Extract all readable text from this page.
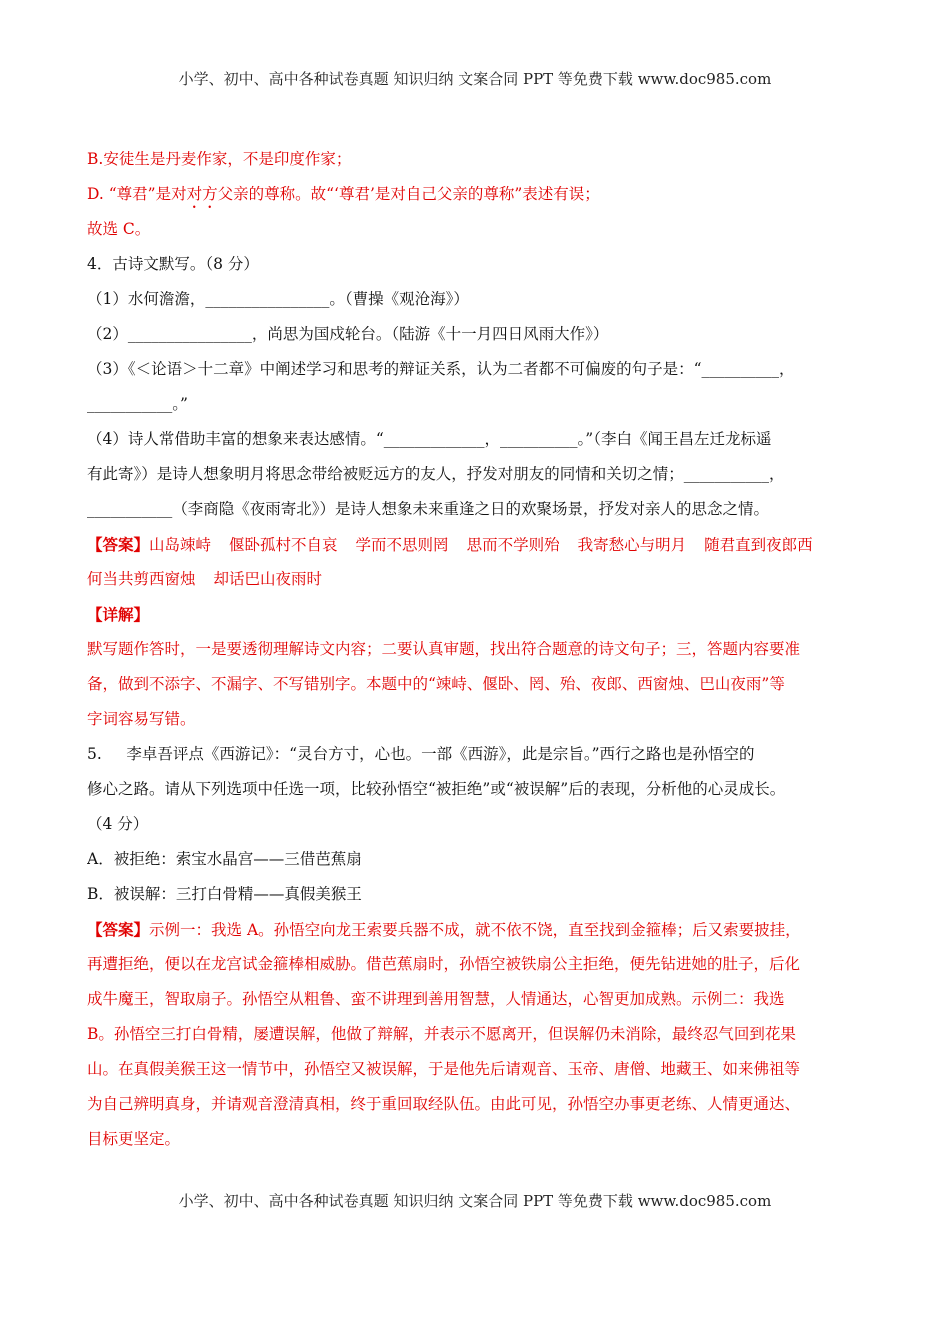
小学、初中、高中各种试卷真题 知识归纳 文案合同 PPT 等免费下载 www.doc985.com
B.安徒生是丹麦作家，不是印度作家；
D. “尊君”是对对方父亲的尊称。故“‘尊君’是对自己父亲的尊称”表述有误；
故选 C。
4．古诗文默写。（8 分）
（1）水何澹澹，________________。（曹操《观沧海》）
（2）________________，尚思为国戍轮台。（陆游《十一月四日风雨大作》）
（3）《＜论语＞十二章》中阐述学习和思考的辩证关系，认为二者都不可偏废的句子是：“__________，
___________。”
（4）诗人常借助丰富的想象来表达感情。“_____________，__________。”（李白《闻王昌左迁龙标遥
有此寄》）是诗人想象明月将思念带给被贬远方的友人，抒发对朋友的同情和关切之情；___________，
___________（李商隐《夜雨寄北》）是诗人想象未来重逢之日的欢聚场景，抒发对亲人的思念之情。
【答案】山岛竦峙 偃卧孤村不自哀 学而不思则罔 思而不学则殆 我寄愁心与明月 随君直到夜郎西
何当共剪西窗烛 却话巴山夜雨时
【详解】
默写题作答时，一是要透彻理解诗文内容；二要认真审题，找出符合题意的诗文句子；三，答题内容要准
备，做到不添字、不漏字、不写错别字。本题中的“竦峙、偃卧、罔、殆、夜郎、西窗烛、巴山夜雨”等
字词容易写错。
5.     李卓吾评点《西游记》：“灵台方寸，心也。一部《西游》，此是宗旨。”西行之路也是孙悟空的
修心之路。请从下列选项中任选一项，比较孙悟空“被拒绝”或“被误解”后的表现，分析他的心灵成长。
（4 分）
A．被拒绝：索宝水晶宫——三借芭蕉扇
B．被误解：三打白骨精——真假美猴王
【答案】示例一：我选 A。孙悟空向龙王索要兵器不成，就不依不饶，直至找到金箍棒；后又索要披挂，
再遭拒绝，便以在龙宫试金箍棒相威胁。借芭蕉扇时，孙悟空被铁扇公主拒绝，便先钻进她的肚子，后化
成牛魔王，智取扇子。孙悟空从粗鲁、蛮不讲理到善用智慧，人情通达，心智更加成熟。示例二：我选
B。孙悟空三打白骨精，屡遭误解，他做了辩解，并表示不愿离开，但误解仍未消除，最终忍气回到花果
山。在真假美猴王这一情节中，孙悟空又被误解，于是他先后请观音、玉帝、唐僧、地藏王、如来佛祖等
为自己辨明真身，并请观音澄清真相，终于重回取经队伍。由此可见，孙悟空办事更老练、人情更通达、
目标更坚定。
小学、初中、高中各种试卷真题 知识归纳 文案合同 PPT 等免费下载 www.doc985.com
